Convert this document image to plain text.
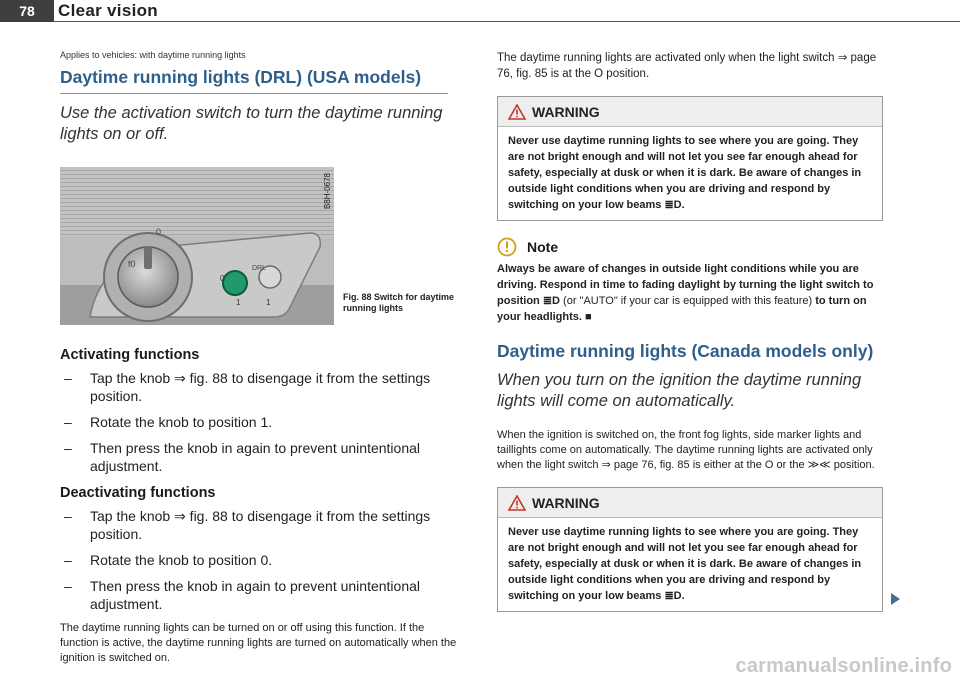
78	Clear vision
Applies to vehicles: with daytime running lights
Daytime running lights (DRL) (USA models)
Use the activation switch to turn the daytime running lights on or off.
0
f0	DRL
0
1	1
B8H-0678
Fig. 88 Switch for daytime running lights
Activating functions
– Tap the knob ⇒ fig. 88 to disengage it from the settings position.
– Rotate the knob to position 1.
– Then press the knob in again to prevent unintentional adjustment.
Deactivating functions
– Tap the knob ⇒ fig. 88 to disengage it from the settings position.
– Rotate the knob to position 0.
– Then press the knob in again to prevent unintentional adjustment.
The daytime running lights can be turned on or off using this function. If the function is active, the daytime running lights are turned on automatically when the ignition is switched on.
The daytime running lights are activated only when the light switch ⇒ page 76, fig. 85 is at the O position.
WARNING
Never use daytime running lights to see where you are going. They are not bright enough and will not let you see far enough ahead for safety, especially at dusk or when it is dark. Be aware of changes in outside light conditions when you are driving and respond by switching on your low beams ≣D.
Note
Always be aware of changes in outside light conditions while you are driving. Respond in time to fading daylight by turning the light switch to position ≣D (or "AUTO" if your car is equipped with this feature) to turn on your headlights. ■
Daytime running lights (Canada models only)
When you turn on the ignition the daytime running lights will come on automatically.
When the ignition is switched on, the front fog lights, side marker lights and taillights come on automatically. The daytime running lights are activated only when the light switch ⇒ page 76, fig. 85 is either at the O or the ≫≪ position.
WARNING
Never use daytime running lights to see where you are going. They are not bright enough and will not let you see far enough ahead for safety, especially at dusk or when it is dark. Be aware of changes in outside light conditions when you are driving and respond by switching on your low beams ≣D.
carmanualsonline.info
